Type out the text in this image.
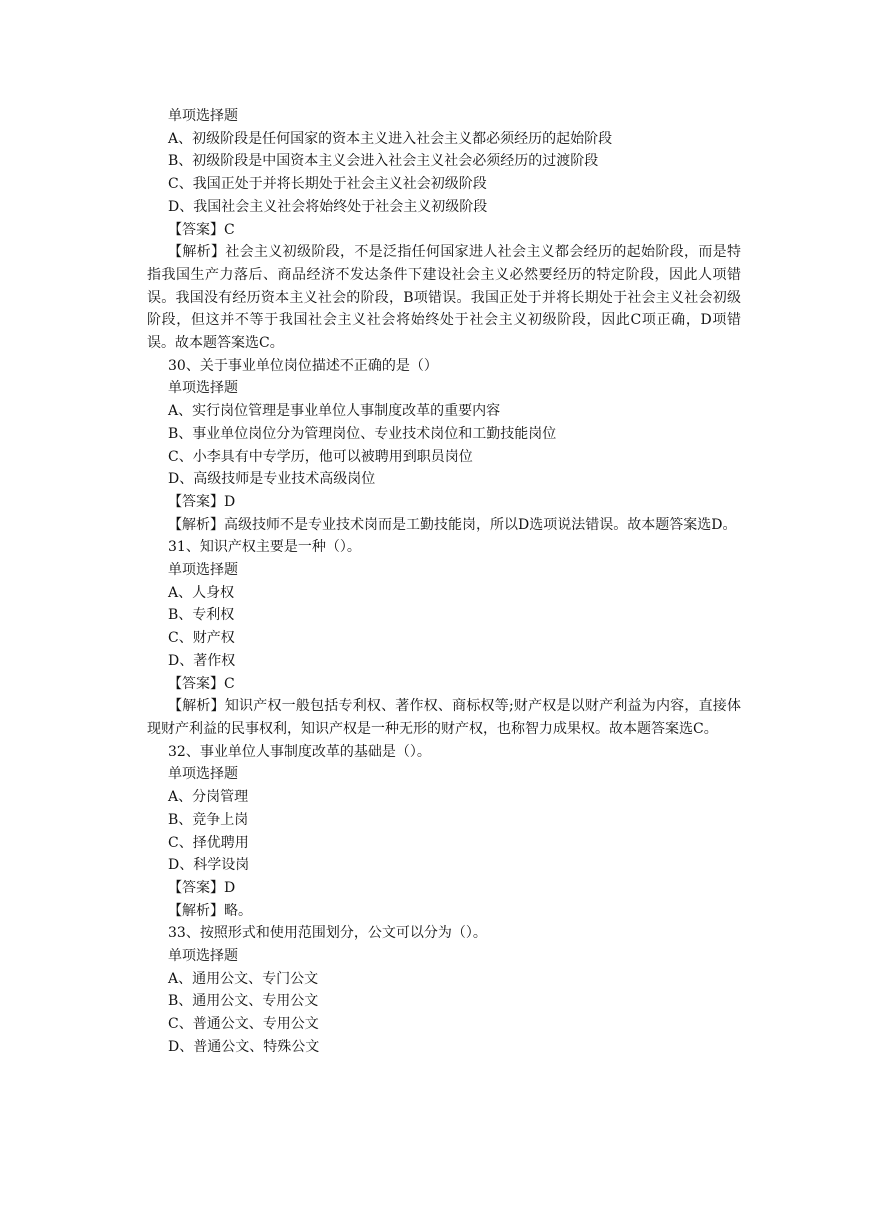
单项选择题
A、初级阶段是任何国家的资本主义进入社会主义都必须经历的起始阶段
B、初级阶段是中国资本主义会进入社会主义社会必须经历的过渡阶段
C、我国正处于并将长期处于社会主义社会初级阶段
D、我国社会主义社会将始终处于社会主义初级阶段
【答案】C
【解析】社会主义初级阶段，不是泛指任何国家进人社会主义都会经历的起始阶段，而是特指我国生产力落后、商品经济不发达条件下建设社会主义必然要经历的特定阶段，因此人项错误。我国没有经历资本主义社会的阶段，B项错误。我国正处于并将长期处于社会主义社会初级阶段，但这并不等于我国社会主义社会将始终处于社会主义初级阶段，因此C项正确，D项错误。故本题答案选C。
30、关于事业单位岗位描述不正确的是（）
单项选择题
A、实行岗位管理是事业单位人事制度改革的重要内容
B、事业单位岗位分为管理岗位、专业技术岗位和工勤技能岗位
C、小李具有中专学历，他可以被聘用到职员岗位
D、高级技师是专业技术高级岗位
【答案】D
【解析】高级技师不是专业技术岗而是工勤技能岗，所以D选项说法错误。故本题答案选D。
31、知识产权主要是一种（）。
单项选择题
A、人身权
B、专利权
C、财产权
D、著作权
【答案】C
【解析】知识产权一般包括专利权、著作权、商标权等;财产权是以财产利益为内容，直接体现财产利益的民事权利，知识产权是一种无形的财产权，也称智力成果权。故本题答案选C。
32、事业单位人事制度改革的基础是（）。
单项选择题
A、分岗管理
B、竞争上岗
C、择优聘用
D、科学设岗
【答案】D
【解析】略。
33、按照形式和使用范围划分，公文可以分为（）。
单项选择题
A、通用公文、专门公文
B、通用公文、专用公文
C、普通公文、专用公文
D、普通公文、特殊公文
